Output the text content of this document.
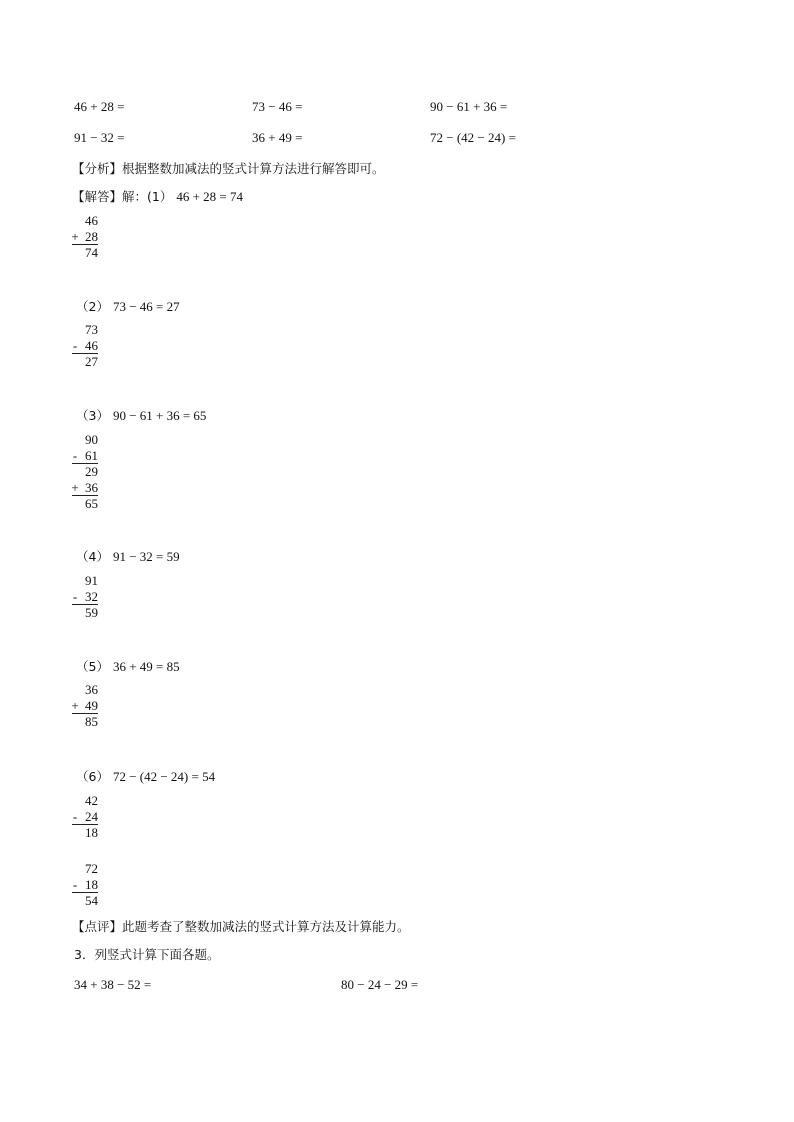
46 + 28 =	73 − 46 =	90 − 61 + 36 =
91 − 32 =	36 + 49 =	72 − (42 − 24) =
【分析】根据整数加减法的竖式计算方法进行解答即可。
【解答】解：(1） 46 + 28 = 74
46
+ 28
74
（2） 73 − 46 = 27
73
- 46
27
（3） 90 − 61 + 36 = 65
90
- 61
29
+ 36
65
（4） 91 − 32 = 59
91
- 32
59
（5） 36 + 49 = 85
36
+ 49
85
（6） 72 − (42 − 24) = 54
42
- 24
18
72
- 18
54
【点评】此题考查了整数加减法的竖式计算方法及计算能力。
3．列竖式计算下面各题。
34 + 38 − 52 =	80 − 24 − 29 =
